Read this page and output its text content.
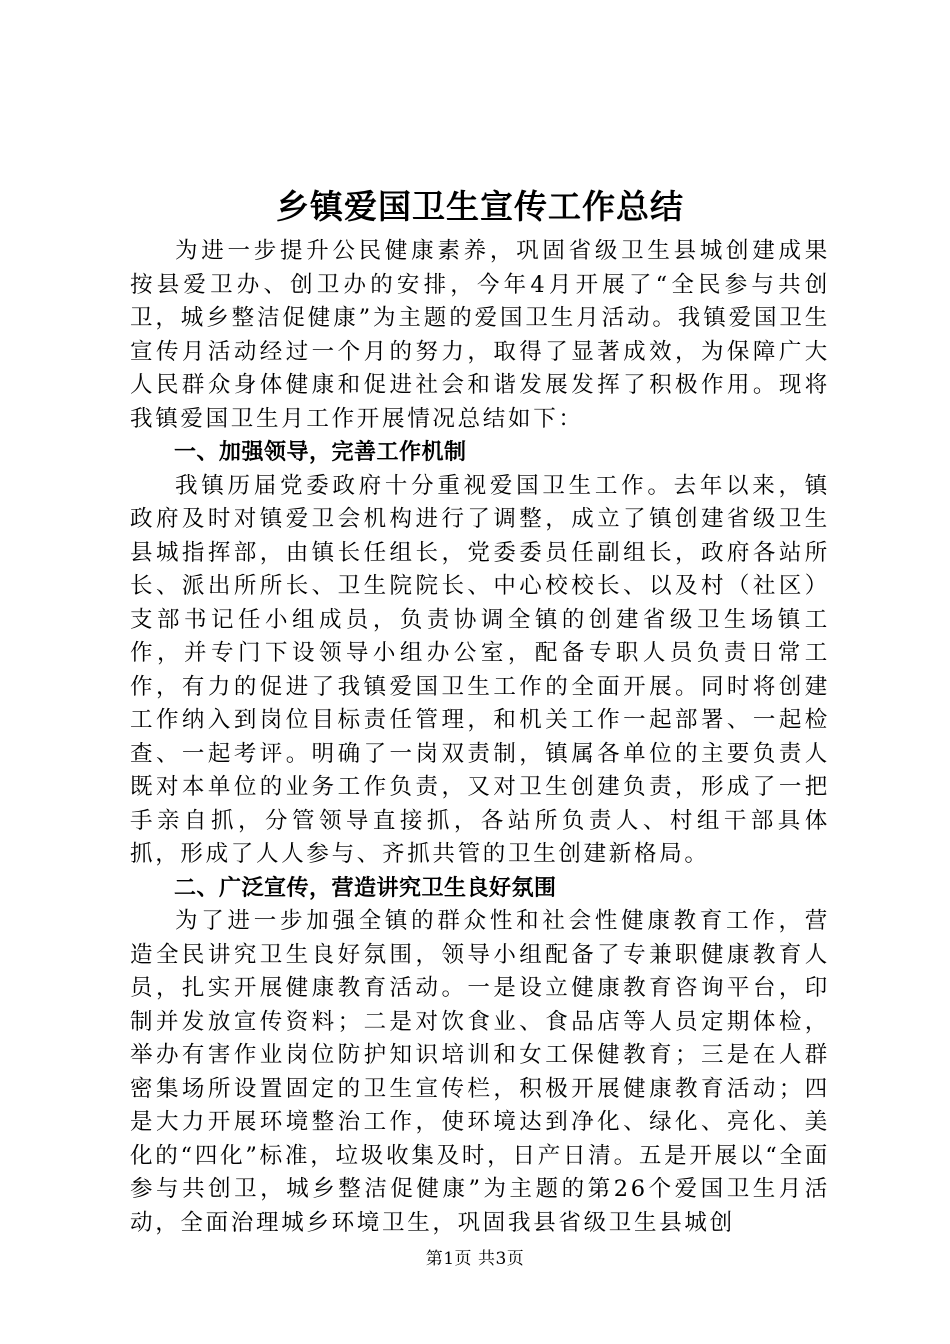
乡镇爱国卫生宣传工作总结

为进一步提升公民健康素养，巩固省级卫生县城创建成果按县爱卫办、创卫办的安排，今年4月开展了“全民参与共创卫，城乡整洁促健康”为主题的爱国卫生月活动。我镇爱国卫生宣传月活动经过一个月的努力，取得了显著成效，为保障广大人民群众身体健康和促进社会和谐发展发挥了积极作用。现将我镇爱国卫生月工作开展情况总结如下：

一、加强领导，完善工作机制

我镇历届党委政府十分重视爱国卫生工作。去年以来，镇政府及时对镇爱卫会机构进行了调整，成立了镇创建省级卫生县城指挥部，由镇长任组长，党委委员任副组长，政府各站所长、派出所所长、卫生院院长、中心校校长、以及村（社区）支部书记任小组成员，负责协调全镇的创建省级卫生场镇工作，并专门下设领导小组办公室，配备专职人员负责日常工作，有力的促进了我镇爱国卫生工作的全面开展。同时将创建工作纳入到岗位目标责任管理，和机关工作一起部署、一起检查、一起考评。明确了一岗双责制，镇属各单位的主要负责人既对本单位的业务工作负责，又对卫生创建负责，形成了一把手亲自抓，分管领导直接抓，各站所负责人、村组干部具体抓，形成了人人参与、齐抓共管的卫生创建新格局。

二、广泛宣传，营造讲究卫生良好氛围

为了进一步加强全镇的群众性和社会性健康教育工作，营造全民讲究卫生良好氛围，领导小组配备了专兼职健康教育人员，扎实开展健康教育活动。一是设立健康教育咨询平台，印制并发放宣传资料；二是对饮食业、食品店等人员定期体检，举办有害作业岗位防护知识培训和女工保健教育；三是在人群密集场所设置固定的卫生宣传栏，积极开展健康教育活动；四是大力开展环境整治工作，使环境达到净化、绿化、亮化、美化的“四化”标准，垃圾收集及时，日产日清。五是开展以“全面参与共创卫，城乡整洁促健康”为主题的第26个爱国卫生月活动，全面治理城乡环境卫生，巩固我县省级卫生县城创

第1页 共3页
